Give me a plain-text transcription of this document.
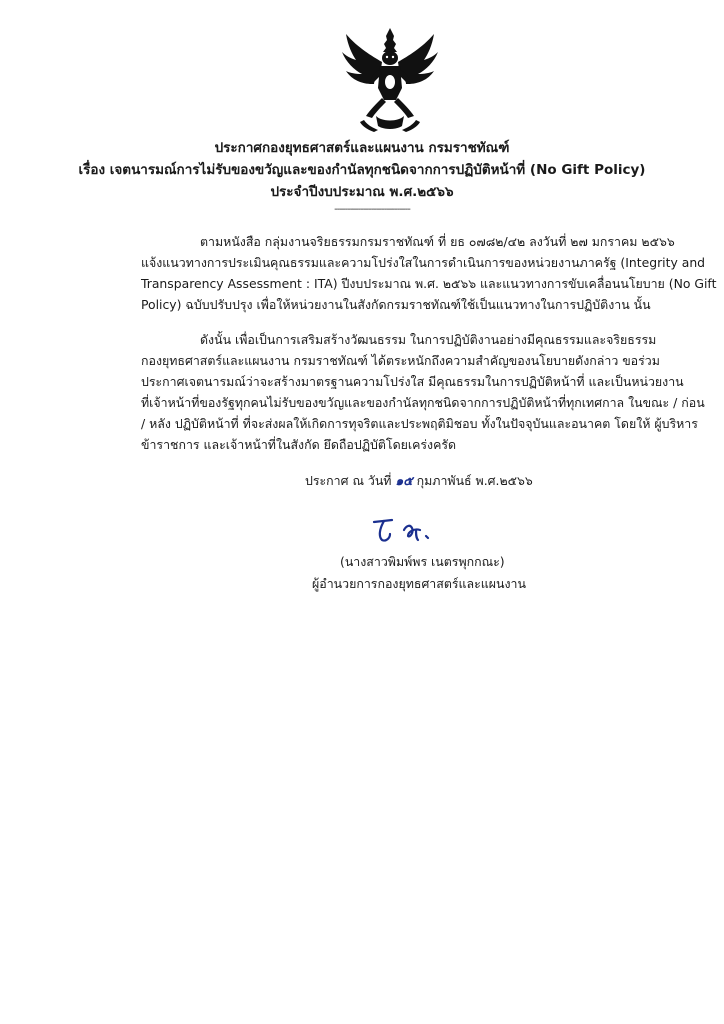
ประกาศกองยุทธศาสตร์และแผนงาน กรมราชทัณฑ์
เรื่อง เจตนารมณ์การไม่รับของขวัญและของกำนัลทุกชนิดจากการปฏิบัติหน้าที่ (No Gift Policy)
ประจำปีงบประมาณ พ.ศ.๒๕๖๖
-----------------------------
ตามหนังสือ กลุ่มงานจริยธรรมกรมราชทัณฑ์ ที่ ยธ ๐๗๘๒/๔๒ ลงวันที่ ๒๗ มกราคม ๒๕๖๖
แจ้งแนวทางการประเมินคุณธรรมและความโปร่งใสในการดำเนินการของหน่วยงานภาครัฐ (Integrity and
Transparency Assessment : ITA) ปีงบประมาณ พ.ศ. ๒๕๖๖ และแนวทางการขับเคลื่อนนโยบาย (No Gift
Policy) ฉบับปรับปรุง เพื่อให้หน่วยงานในสังกัดกรมราชทัณฑ์ใช้เป็นแนวทางในการปฏิบัติงาน นั้น
ดังนั้น เพื่อเป็นการเสริมสร้างวัฒนธรรม ในการปฏิบัติงานอย่างมีคุณธรรมและจริยธรรม
กองยุทธศาสตร์และแผนงาน กรมราชทัณฑ์ ได้ตระหนักถึงความสำคัญของนโยบายดังกล่าว ขอร่วม
ประกาศเจตนารมณ์ว่าจะสร้างมาตรฐานความโปร่งใส มีคุณธรรมในการปฏิบัติหน้าที่ และเป็นหน่วยงาน
ที่เจ้าหน้าที่ของรัฐทุกคนไม่รับของขวัญและของกำนัลทุกชนิดจากการปฏิบัติหน้าที่ทุกเทศกาล ในขณะ / ก่อน
/ หลัง ปฏิบัติหน้าที่ ที่จะส่งผลให้เกิดการทุจริตและประพฤติมิชอบ ทั้งในปัจจุบันและอนาคต โดยให้ ผู้บริหาร
ข้าราชการ และเจ้าหน้าที่ในสังกัด ยึดถือปฏิบัติโดยเคร่งครัด
ประกาศ ณ วันที่ ๑๕ กุมภาพันธ์ พ.ศ.๒๕๖๖
(นางสาวพิมพ์พร เนตรพุกกณะ)
ผู้อำนวยการกองยุทธศาสตร์และแผนงาน
